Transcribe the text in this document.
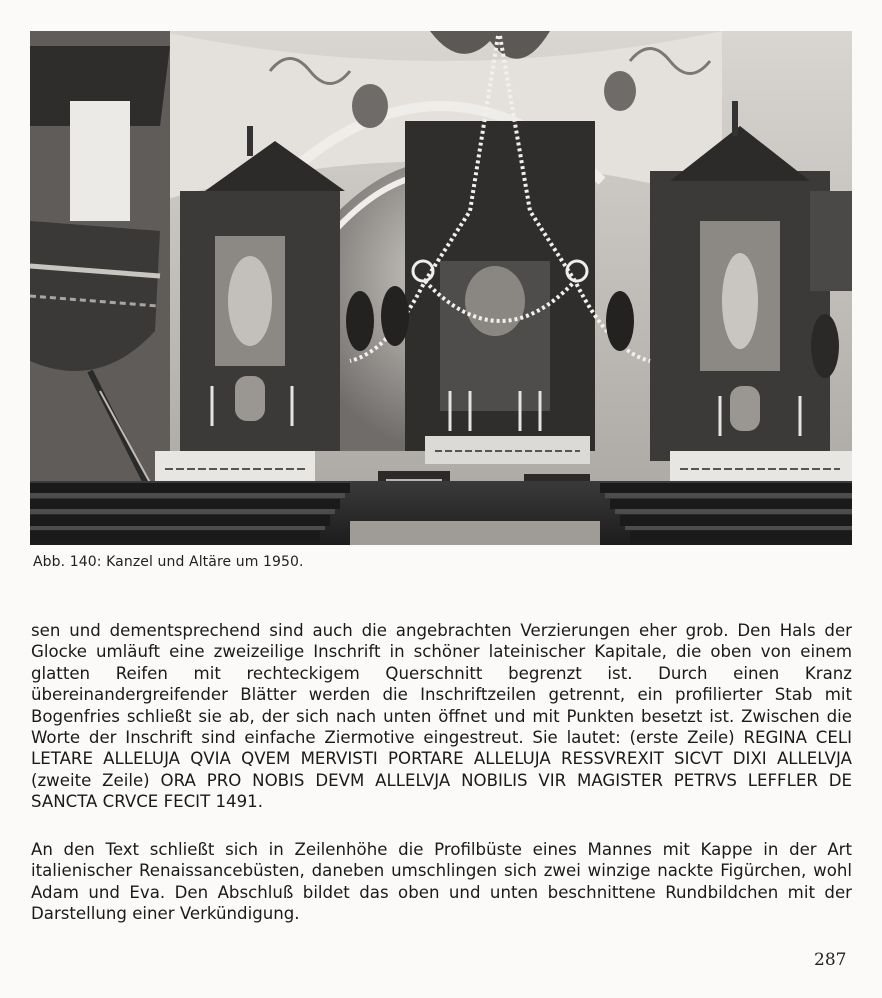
Abb. 140: Kanzel und Altäre um 1950.

sen und dementsprechend sind auch die angebrachten Verzierungen eher grob. Den Hals der Glocke umläuft eine zweizeilige Inschrift in schöner lateinischer Kapitale, die oben von einem glatten Reifen mit rechteckigem Querschnitt begrenzt ist. Durch einen Kranz übereinandergreifender Blätter werden die Inschriftzeilen getrennt, ein profilierter Stab mit Bogenfries schließt sie ab, der sich nach unten öffnet und mit Punkten besetzt ist. Zwischen die Worte der Inschrift sind einfache Ziermotive eingestreut. Sie lautet: (erste Zeile) REGINA CELI LETARE ALLELUJA QVIA QVEM MERVISTI PORTARE ALLELUJA RESSVREXIT SICVT DIXI ALLELVJA (zweite Zeile) ORA PRO NOBIS DEVM ALLELVJA NOBILIS VIR MAGISTER PETRVS LEFFLER DE SANCTA CRVCE FECIT 1491.

An den Text schließt sich in Zeilenhöhe die Profilbüste eines Mannes mit Kappe in der Art italienischer Renaissancebüsten, daneben umschlingen sich zwei winzige nackte Figürchen, wohl Adam und Eva. Den Abschluß bildet das oben und unten beschnittene Rundbildchen mit der Darstellung einer Verkündigung.

287
